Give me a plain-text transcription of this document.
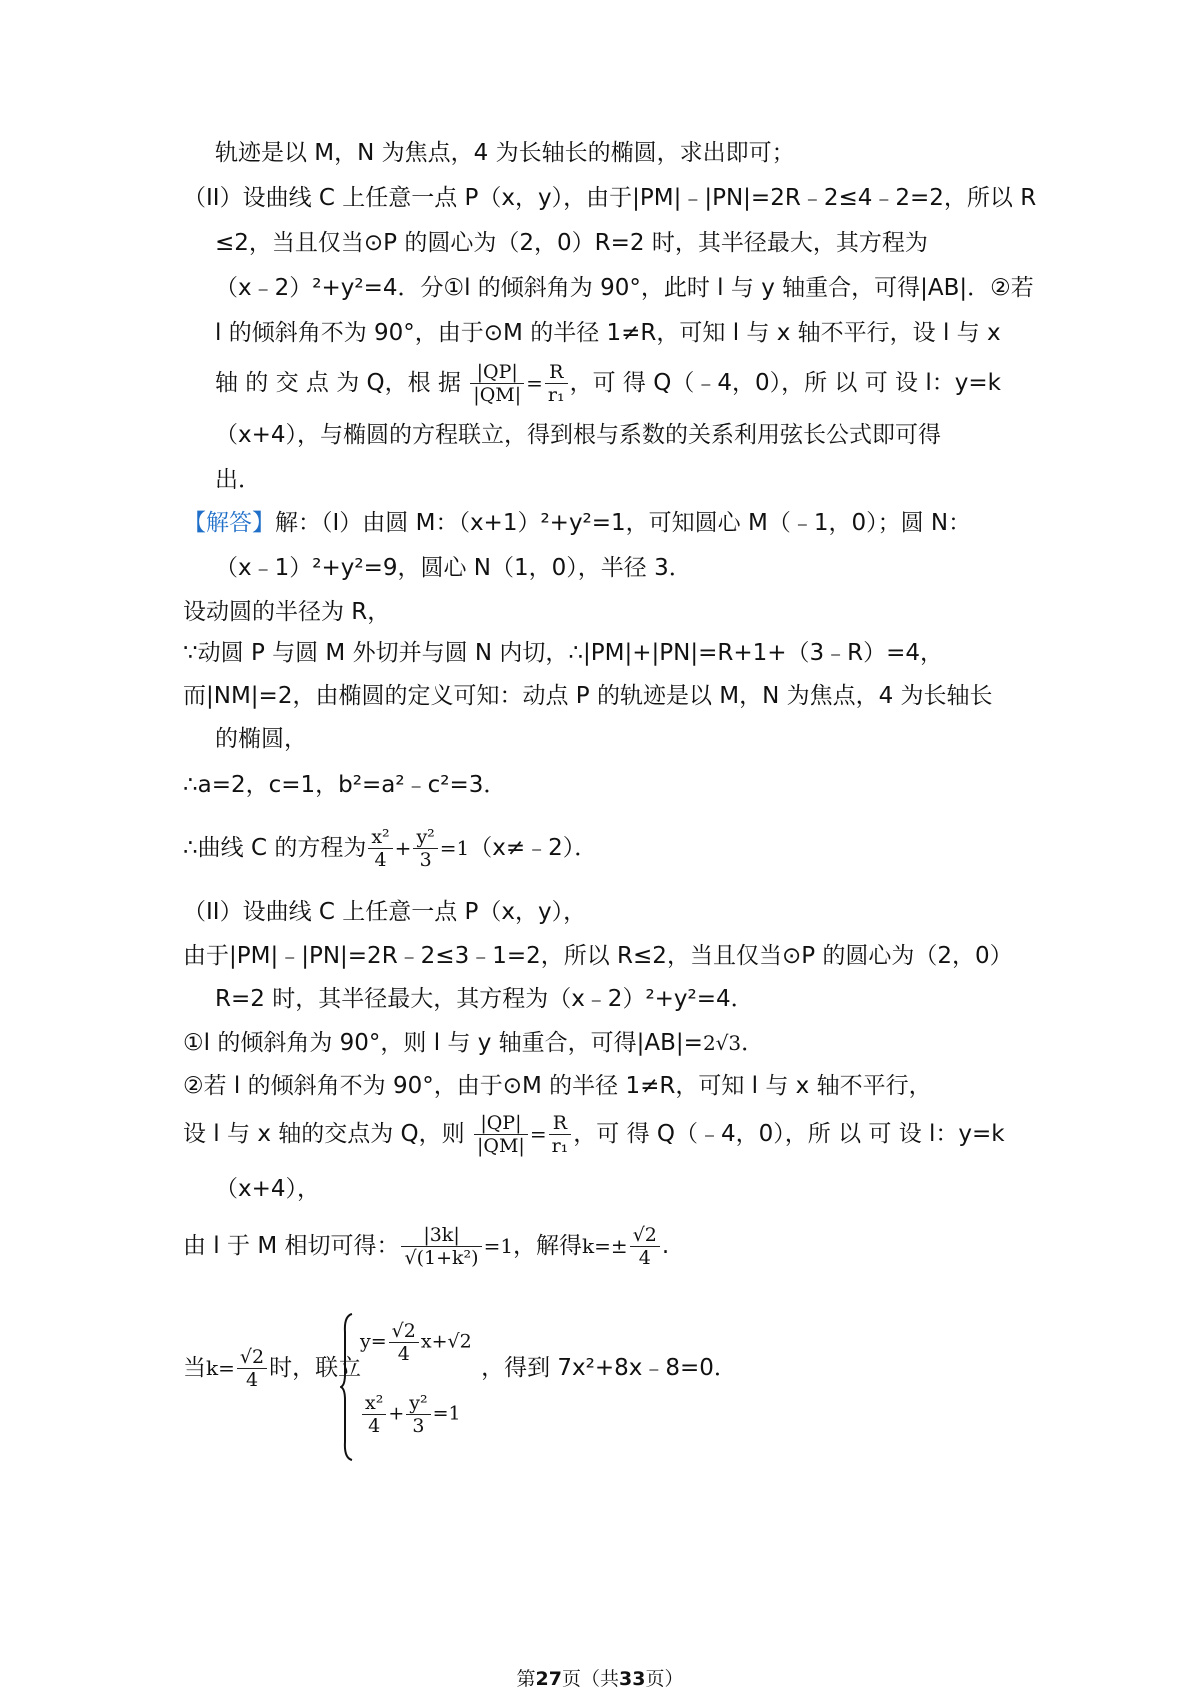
轨迹是以 M，N 为焦点，4 为长轴长的椭圆，求出即可；
（II）设曲线 C 上任意一点 P（x，y），由于|PM|﹣|PN|=2R﹣2≤4﹣2=2，所以 R
≤2，当且仅当⊙P 的圆心为（2，0）R=2 时，其半径最大，其方程为
（x﹣2）²+y²=4．分①l 的倾斜角为 90°，此时 l 与 y 轴重合，可得|AB|．②若
l 的倾斜角不为 90°，由于⊙M 的半径 1≠R，可知 l 与 x 轴不平行，设 l 与 x
轴 的 交 点 为 Q，根 据 $\frac{|QP|}{|QM|} = \frac{R}{\text{r₁}}$ ，可 得 Q（﹣4，0），所 以 可 设 l：y=k
（x+4），与椭圆的方程联立，得到根与系数的关系利用弦长公式即可得
出．
【解答】解：（I）由圆 M：（x+1）²+y²=1，可知圆心 M（﹣1，0）；圆 N：
（x﹣1）²+y²=9，圆心 N（1，0），半径 3．
设动圆的半径为 R，
∵动圆 P 与圆 M 外切并与圆 N 内切，∴|PM|+|PN|=R+1+（3﹣R）=4，
而|NM|=2，由椭圆的定义可知：动点 P 的轨迹是以 M，N 为焦点，4 为长轴长
的椭圆，
∴a=2，c=1，b²=a²﹣c²=3．
∴曲线 C 的方程为 $\frac{\text{x²}}{4} + \frac{\text{y²}}{3}$ =1（x≠﹣2）．
（II）设曲线 C 上任意一点 P（x，y），
由于|PM|﹣|PN|=2R﹣2≤3﹣1=2，所以 R≤2，当且仅当⊙P 的圆心为（2，0）
R=2 时，其半径最大，其方程为（x﹣2）²+y²=4．
①l 的倾斜角为 90°，则 l 与 y 轴重合，可得|AB|=2√3．
②若 l 的倾斜角不为 90°，由于⊙M 的半径 1≠R，可知 l 与 x 轴不平行，
设 l 与 x 轴的交点为 Q，则 $\frac{|QP|}{|QM|} = \frac{R}{\text{r₁}}$ ，可 得 Q（﹣4，0），所 以 可 设 l：y=k
（x+4），
由 l 于 M 相切可得： $\frac{|3k|}{\text{√(1+k²)}} =1$，解得$k=\pm \frac{√2}{4}$ .
当$k= \frac{√2}{4}$ 时，联立	，得到 7x²+8x﹣8=0．
$y= \frac{√2}{4} x+√2$
$\frac{\text{x²}}{4} + \frac{\text{y²}}{3} =1$
第27页（共33页）
